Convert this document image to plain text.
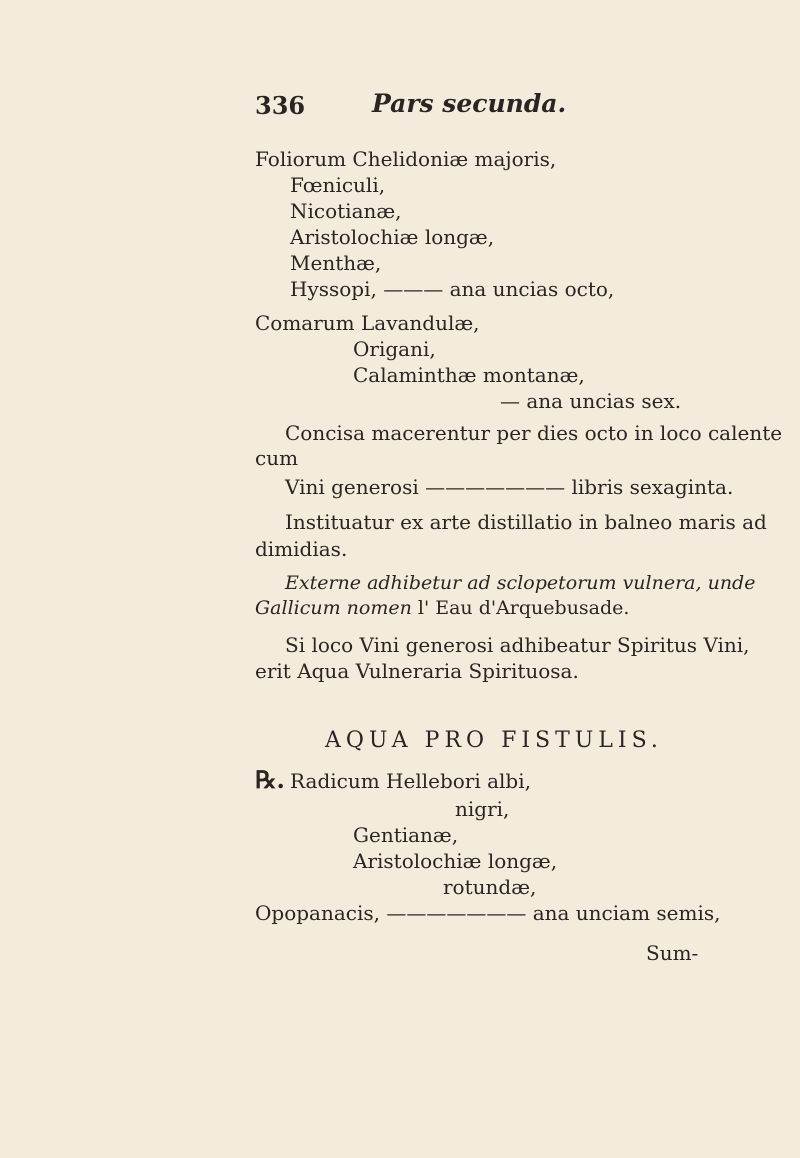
336	Pars secunda.
Foliorum Chelidoniæ majoris,
Fœniculi,
Nicotianæ,
Aristolochiæ longæ,
Menthæ,
Hyssopi, ——— ana uncias octo,
Comarum Lavandulæ,
Origani,
Calaminthæ montanæ,
— ana uncias sex.
Concisa macerentur per dies octo in loco calente
cum
Vini generosi ——————— libris sexaginta.
Instituatur ex arte distillatio in balneo maris ad
dimidias.
Externe adhibetur ad sclopetorum vulnera, unde
Gallicum nomen l' Eau d'Arquebusade.
Si loco Vini generosi adhibeatur Spiritus Vini,
erit Aqua Vulneraria Spirituosa.
AQUA PRO FISTULIS.
℞. Radicum Hellebori albi,
nigri,
Gentianæ,
Aristolochiæ longæ,
rotundæ,
Opopanacis, ——————— ana unciam semis,
Sum-
